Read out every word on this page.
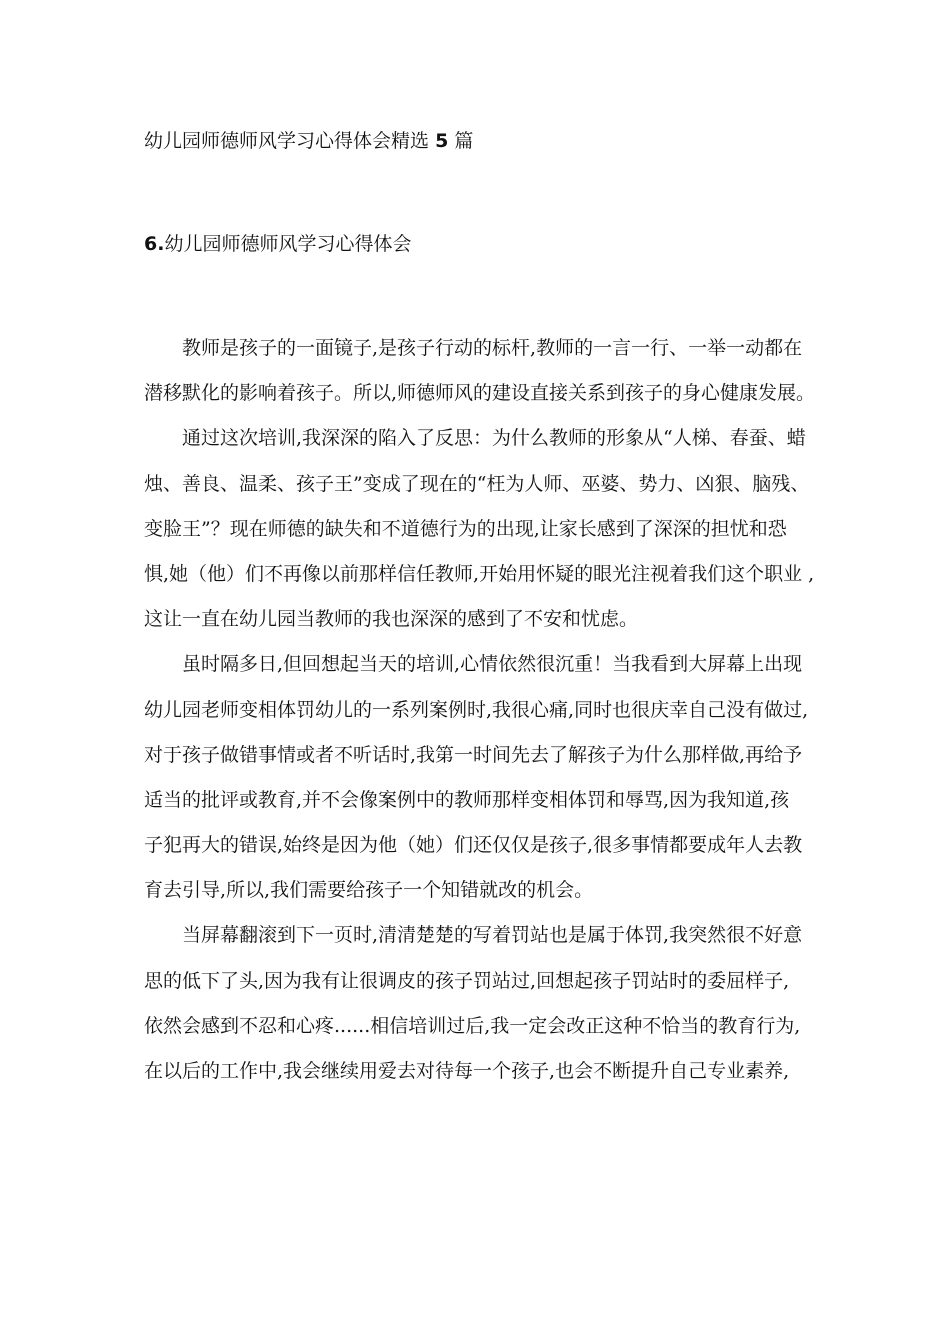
幼儿园师德师风学习心得体会精选 5 篇
6.幼儿园师德师风学习心得体会
教师是孩子的一面镜子,是孩子行动的标杆,教师的一言一行、一举一动都在
潜移默化的影响着孩子。所以,师德师风的建设直接关系到孩子的身心健康发展。
通过这次培训,我深深的陷入了反思：为什么教师的形象从“人梯、春蚕、蜡
烛、善良、温柔、孩子王”变成了现在的“枉为人师、巫婆、势力、凶狠、脑残、
变脸王”？现在师德的缺失和不道德行为的出现,让家长感到了深深的担忧和恐
惧,她（他）们不再像以前那样信任教师,开始用怀疑的眼光注视着我们这个职业 ,
这让一直在幼儿园当教师的我也深深的感到了不安和忧虑。
虽时隔多日,但回想起当天的培训,心情依然很沉重！当我看到大屏幕上出现
幼儿园老师变相体罚幼儿的一系列案例时,我很心痛,同时也很庆幸自己没有做过,
对于孩子做错事情或者不听话时,我第一时间先去了解孩子为什么那样做,再给予
适当的批评或教育,并不会像案例中的教师那样变相体罚和辱骂,因为我知道,孩
子犯再大的错误,始终是因为他（她）们还仅仅是孩子,很多事情都要成年人去教
育去引导,所以,我们需要给孩子一个知错就改的机会。
当屏幕翻滚到下一页时,清清楚楚的写着罚站也是属于体罚,我突然很不好意
思的低下了头,因为我有让很调皮的孩子罚站过,回想起孩子罚站时的委屈样子,
依然会感到不忍和心疼......相信培训过后,我一定会改正这种不恰当的教育行为,
在以后的工作中,我会继续用爱去对待每一个孩子,也会不断提升自己专业素养,
